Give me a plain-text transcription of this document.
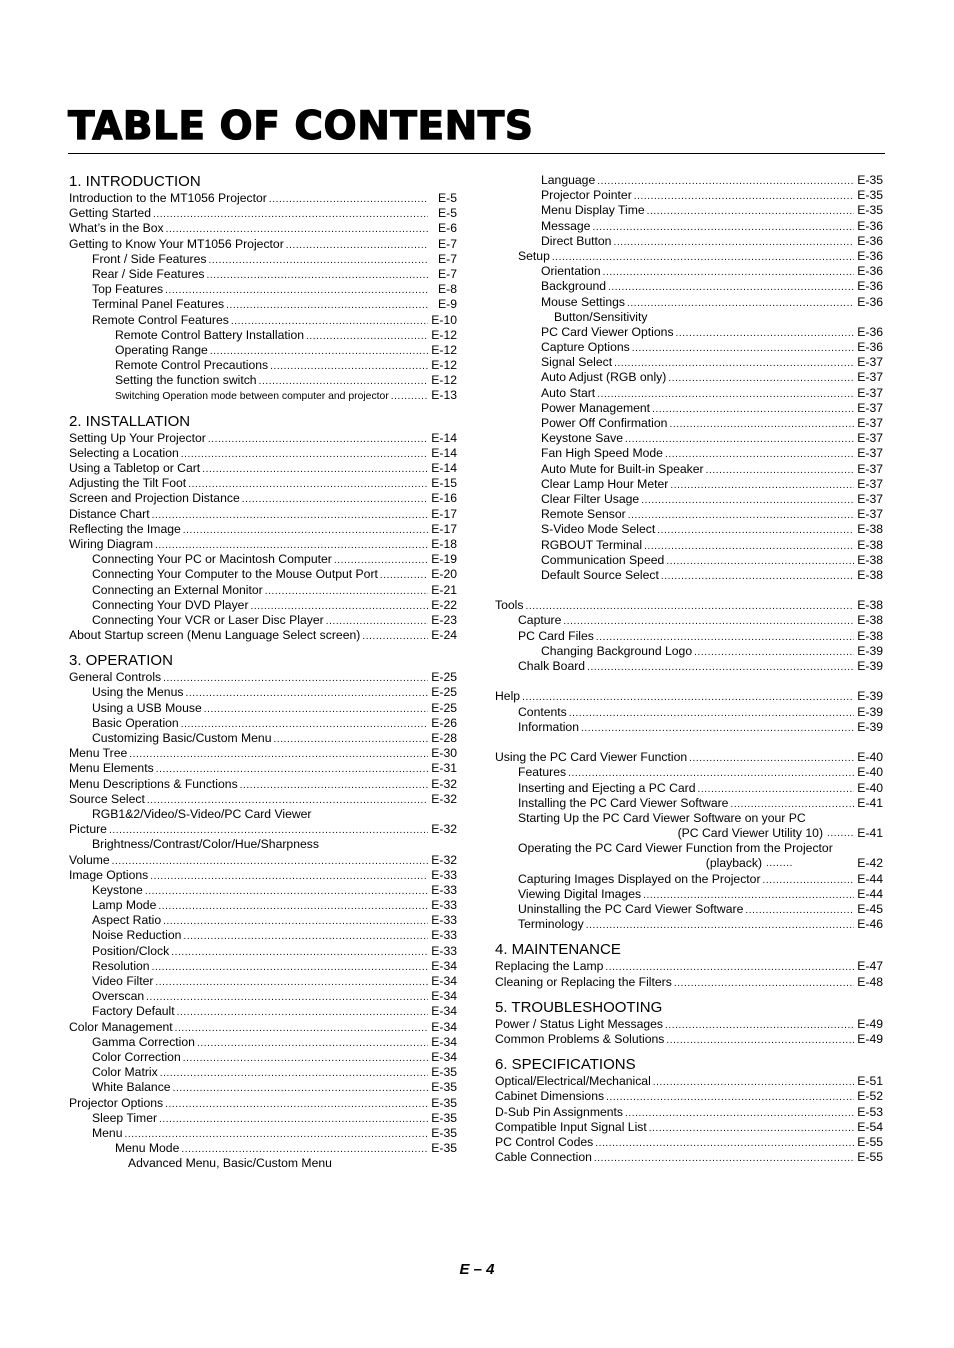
TABLE OF CONTENTS
1. INTRODUCTION
Introduction to the MT1056 Projector .....	E-5
Getting Started .....	E-5
What’s in the Box .....	E-6
Getting to Know Your MT1056 Projector .....	E-7
Front / Side Features .....	E-7
Rear / Side Features .....	E-7
Top Features .....	E-8
Terminal Panel Features .....	E-9
Remote Control Features .....	E-10
Remote Control Battery Installation .....	E-12
Operating Range .....	E-12
Remote Control Precautions .....	E-12
Setting the function switch .....	E-12
Switching Operation mode between computer and projector .....	E-13
2. INSTALLATION
Setting Up Your Projector .....	E-14
Selecting a Location .....	E-14
Using a Tabletop or Cart .....	E-14
Adjusting the Tilt Foot .....	E-15
Screen and Projection Distance .....	E-16
Distance Chart .....	E-17
Reflecting the Image .....	E-17
Wiring Diagram .....	E-18
Connecting Your PC or Macintosh Computer .....	E-19
Connecting Your Computer to the Mouse Output Port .....	E-20
Connecting an External Monitor .....	E-21
Connecting Your DVD Player .....	E-22
Connecting Your VCR or Laser Disc Player .....	E-23
About Startup screen (Menu Language Select screen) .....	E-24
3. OPERATION
General Controls .....	E-25
Using the Menus .....	E-25
Using a USB Mouse .....	E-25
Basic Operation .....	E-26
Customizing Basic/Custom Menu .....	E-28
Menu Tree .....	E-30
Menu Elements .....	E-31
Menu Descriptions & Functions .....	E-32
Source Select .....	E-32
RGB1&2/Video/S-Video/PC Card Viewer
Picture .....	E-32
Brightness/Contrast/Color/Hue/Sharpness
Volume .....	E-32
Image Options .....	E-33
Keystone .....	E-33
Lamp Mode .....	E-33
Aspect Ratio .....	E-33
Noise Reduction .....	E-33
Position/Clock .....	E-33
Resolution .....	E-34
Video Filter .....	E-34
Overscan .....	E-34
Factory Default .....	E-34
Color Management .....	E-34
Gamma Correction .....	E-34
Color Correction .....	E-34
Color Matrix .....	E-35
White Balance .....	E-35
Projector Options .....	E-35
Sleep Timer .....	E-35
Menu .....	E-35
Menu Mode .....	E-35
Advanced Menu, Basic/Custom Menu
Language .....	E-35
Projector Pointer .....	E-35
Menu Display Time .....	E-35
Message .....	E-36
Direct Button .....	E-36
Setup .....	E-36
Orientation .....	E-36
Background .....	E-36
Mouse Settings .....	E-36
Button/Sensitivity
PC Card Viewer Options .....	E-36
Capture Options .....	E-36
Signal Select .....	E-37
Auto Adjust (RGB only) .....	E-37
Auto Start .....	E-37
Power Management .....	E-37
Power Off Confirmation .....	E-37
Keystone Save .....	E-37
Fan High Speed Mode .....	E-37
Auto Mute for Built-in Speaker .....	E-37
Clear Lamp Hour Meter .....	E-37
Clear Filter Usage .....	E-37
Remote Sensor .....	E-37
S-Video Mode Select .....	E-38
RGBOUT Terminal .....	E-38
Communication Speed .....	E-38
Default Source Select .....	E-38
Tools .....	E-38
Capture .....	E-38
PC Card Files .....	E-38
Changing Background Logo .....	E-39
Chalk Board .....	E-39
Help .....	E-39
Contents .....	E-39
Information .....	E-39
Using the PC Card Viewer Function .....	E-40
Features .....	E-40
Inserting and Ejecting a PC Card .....	E-40
Installing the PC Card Viewer Software .....	E-41
Starting Up the PC Card Viewer Software on your PC
(PC Card Viewer Utility 10) ........	E-41
Operating the PC Card Viewer Function from the Projector
(playback) ........	E-42
Capturing Images Displayed on the Projector .....	E-44
Viewing Digital Images .....	E-44
Uninstalling the PC Card Viewer Software .....	E-45
Terminology .....	E-46
4. MAINTENANCE
Replacing the Lamp .....	E-47
Cleaning or Replacing the Filters .....	E-48
5. TROUBLESHOOTING
Power / Status Light Messages .....	E-49
Common Problems & Solutions .....	E-49
6. SPECIFICATIONS
Optical/Electrical/Mechanical .....	E-51
Cabinet Dimensions .....	E-52
D-Sub Pin Assignments .....	E-53
Compatible Input Signal List .....	E-54
PC Control Codes .....	E-55
Cable Connection .....	E-55
E – 4
